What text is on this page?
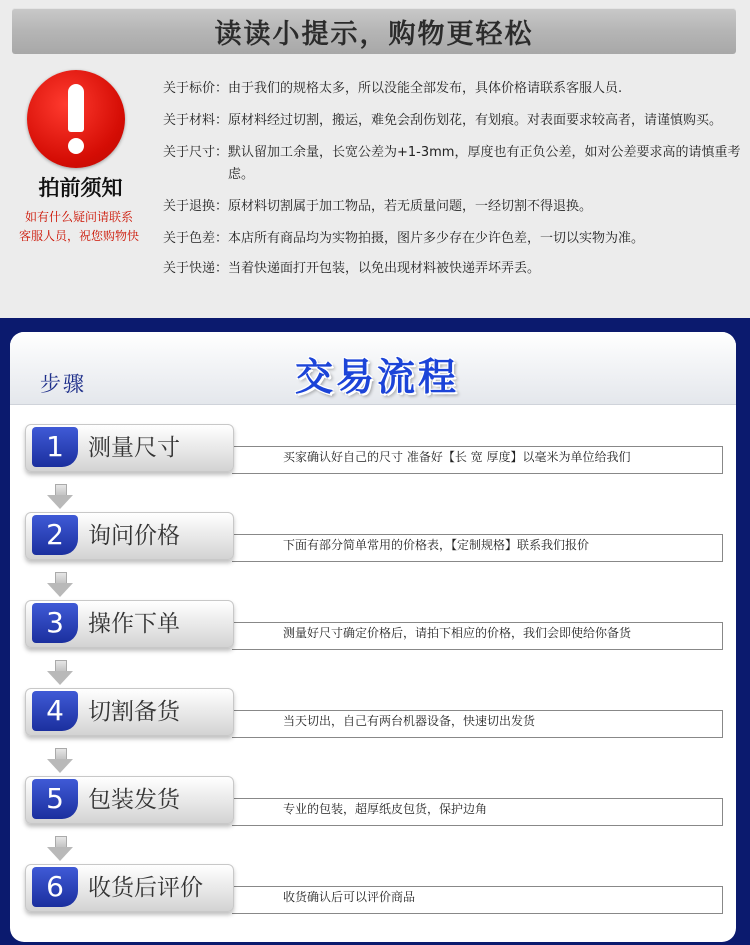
读读小提示，购物更轻松
拍前须知
如有什么疑问请联系
客服人员，祝您购物快
关于标价： 由于我们的规格太多，所以没能全部发布，具体价格请联系客服人员.
关于材料： 原材料经过切割，搬运，难免会刮伤划花，有划痕。对表面要求较高者，请谨慎购买。
关于尺寸： 默认留加工余量，长宽公差为+1-3mm，厚度也有正负公差，如对公差要求高的请慎重考虑。
关于退换： 原材料切割属于加工物品，若无质量问题，一经切割不得退换。
关于色差： 本店所有商品均为实物拍摄，图片多少存在少许色差，一切以实物为准。
关于快递： 当着快递面打开包装，以免出现材料被快递弄坏弄丢。
步骤	交易流程
1	测量尺寸	买家确认好自己的尺寸 准备好【长 宽 厚度】以毫米为单位给我们
2	询问价格	下面有部分简单常用的价格表，【定制规格】联系我们报价
3	操作下单	测量好尺寸确定价格后，请拍下相应的价格，我们会即使给你备货
4	切割备货	当天切出，自己有两台机器设备，快速切出发货
5	包装发货	专业的包装，超厚纸皮包货，保护边角
6	收货后评价	收货确认后可以评价商品
